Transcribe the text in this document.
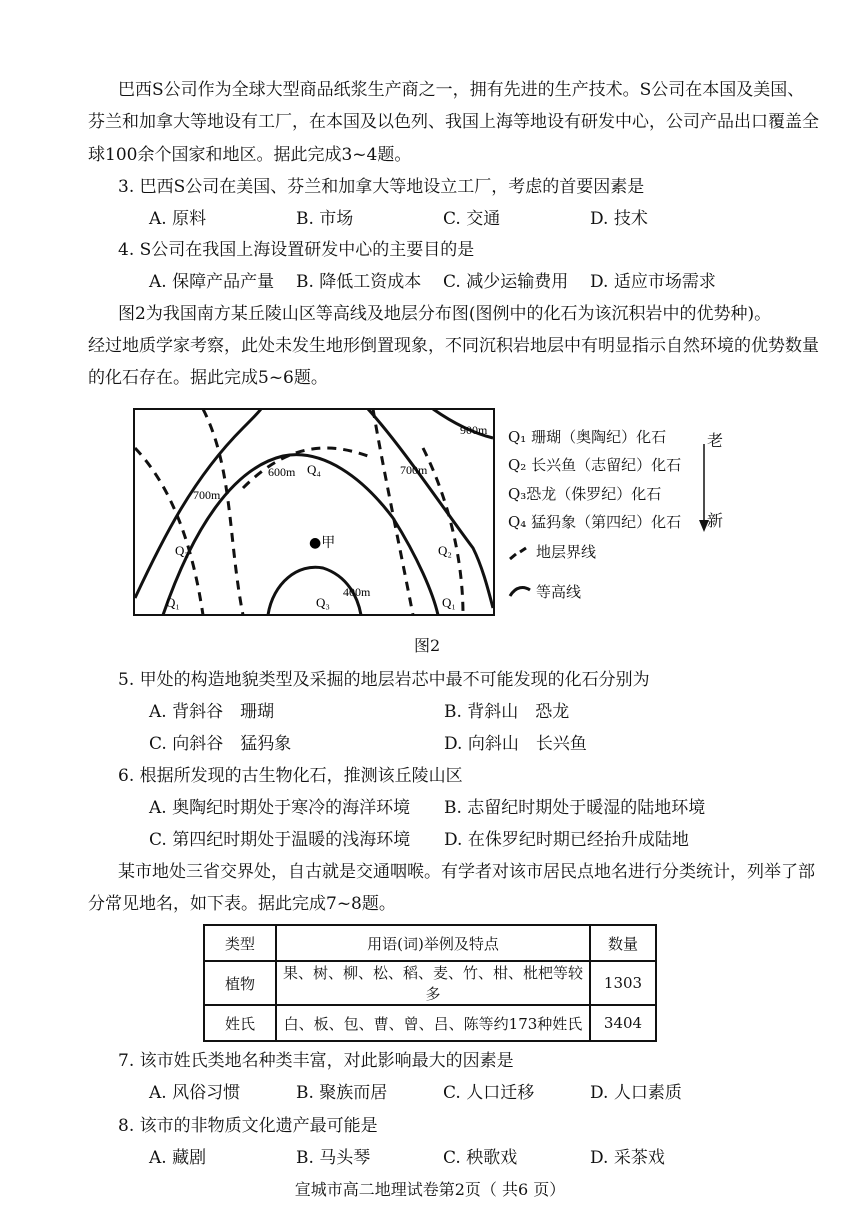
巴西S公司作为全球大型商品纸浆生产商之一，拥有先进的生产技术。S公司在本国及美国、
芬兰和加拿大等地设有工厂，在本国及以色列、我国上海等地设有研发中心，公司产品出口覆盖全
球100余个国家和地区。据此完成3~4题。
3. 巴西S公司在美国、芬兰和加拿大等地设立工厂，考虑的首要因素是
A. 原料	B. 市场	C. 交通	D. 技术
4. S公司在我国上海设置研发中心的主要目的是
A. 保障产品产量 B. 降低工资成本 C. 减少运输费用 D. 适应市场需求
图2为我国南方某丘陵山区等高线及地层分布图(图例中的化石为该沉积岩中的优势种)。
经过地质学家考察，此处未发生地形倒置现象，不同沉积岩地层中有明显指示自然环境的优势数量
的化石存在。据此完成5~6题。
900m
600m Q₄	700m
700m
Q₂	●甲	Q₂
400m
Q₁	Q₃	Q₁
Q₁ 珊瑚（奥陶纪）化石
Q₂ 长兴鱼（志留纪）化石
Q₃恐龙（侏罗纪）化石
Q₄ 猛犸象（第四纪）化石
老
新
地层界线
等高线
图2
5. 甲处的构造地貌类型及采掘的地层岩芯中最不可能发现的化石分别为
A. 背斜谷　珊瑚	B. 背斜山　恐龙
C. 向斜谷　猛犸象	D. 向斜山　长兴鱼
6. 根据所发现的古生物化石，推测该丘陵山区
A. 奥陶纪时期处于寒冷的海洋环境 B. 志留纪时期处于暖湿的陆地环境
C. 第四纪时期处于温暖的浅海环境 D. 在侏罗纪时期已经抬升成陆地
某市地处三省交界处，自古就是交通咽喉。有学者对该市居民点地名进行分类统计，列举了部
分常见地名，如下表。据此完成7~8题。
类型	用语(词)举例及特点	数量
植物	果、树、柳、松、稻、麦、竹、柑、枇杷等较多	1303
姓氏	白、板、包、曹、曾、吕、陈等约173种姓氏	3404
7. 该市姓氏类地名种类丰富，对此影响最大的因素是
A. 风俗习惯	B. 聚族而居	C. 人口迁移	D. 人口素质
8. 该市的非物质文化遗产最可能是
A. 藏剧	B. 马头琴	C. 秧歌戏	D. 采茶戏
宣城市高二地理试卷第2页（ 共6 页）
